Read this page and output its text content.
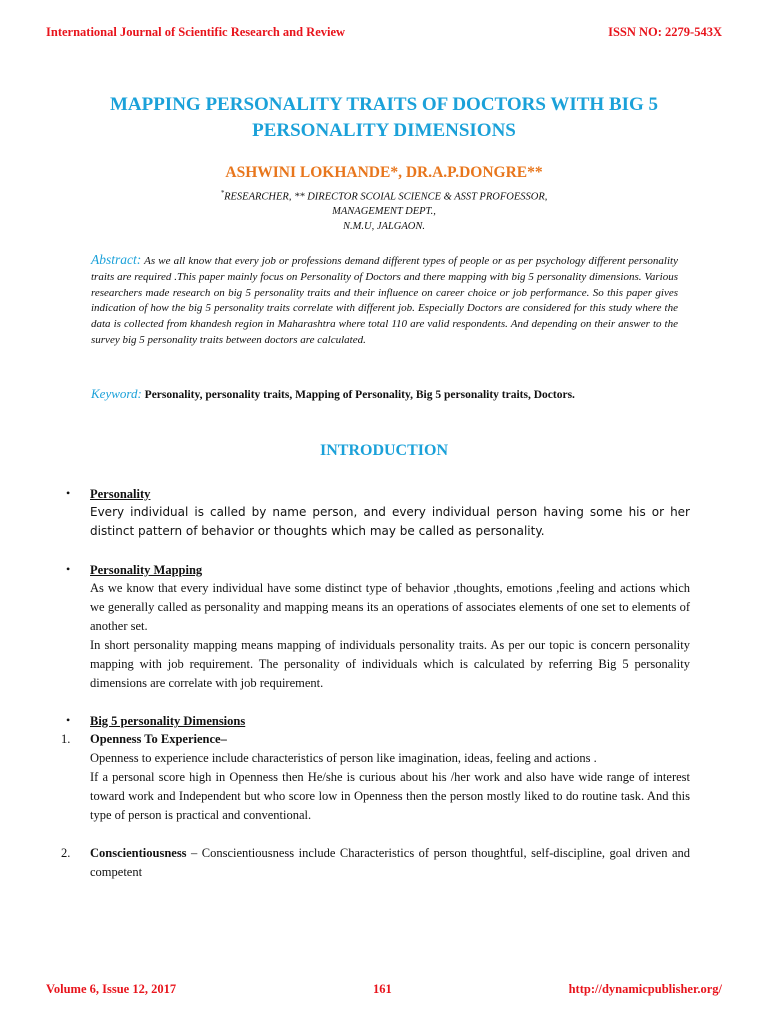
International Journal of Scientific Research and Review	ISSN NO: 2279-543X
MAPPING PERSONALITY TRAITS OF DOCTORS WITH BIG 5 PERSONALITY DIMENSIONS
ASHWINI LOKHANDE*, DR.A.P.DONGRE**
*RESEARCHER, ** DIRECTOR SCOIAL SCIENCE & ASST PROFOESSOR,
MANAGEMENT DEPT.,
N.M.U, JALGAON.
Abstract: As we all know that every job or professions demand different types of people or as per psychology different personality traits are required .This paper mainly focus on Personality of Doctors and there mapping with big 5 personality dimensions. Various researchers made research on big 5 personality traits and their influence on career choice or job performance. So this paper gives indication of how the big 5 personality traits correlate with different job. Especially Doctors are considered for this study where the data is collected from khandesh region in Maharashtra where total 110 are valid respondents. And depending on their answer to the survey big 5 personality traits between doctors are calculated.
Keyword: Personality, personality traits, Mapping of Personality, Big 5 personality traits, Doctors.
INTRODUCTION
• Personality
Every individual is called by name person, and every individual person having some his or her distinct pattern of behavior or thoughts which may be called as personality.
• Personality Mapping

As we know that every individual have some distinct type of behavior ,thoughts, emotions ,feeling and actions which we generally called as personality and mapping means its an operations of associates elements of one set to elements of another set.

In short personality mapping means mapping of individuals personality traits. As per our topic is concern personality mapping with job requirement. The personality of individuals which is calculated by referring Big 5 personality dimensions are correlate with job requirement.

• Big 5 personality Dimensions
1. Openness To Experience–

Openness to experience include characteristics of person like imagination, ideas, feeling and actions .

If a personal score high in Openness then He/she is curious about his /her work and also have wide range of interest toward work and Independent but who score low in Openness then the person mostly liked to do routine task. And this type of person is practical and conventional.

2. Conscientiousness – Conscientiousness include Characteristics of person thoughtful, self-discipline, goal driven and competent
Volume 6, Issue 12, 2017	161	http://dynamicpublisher.org/
